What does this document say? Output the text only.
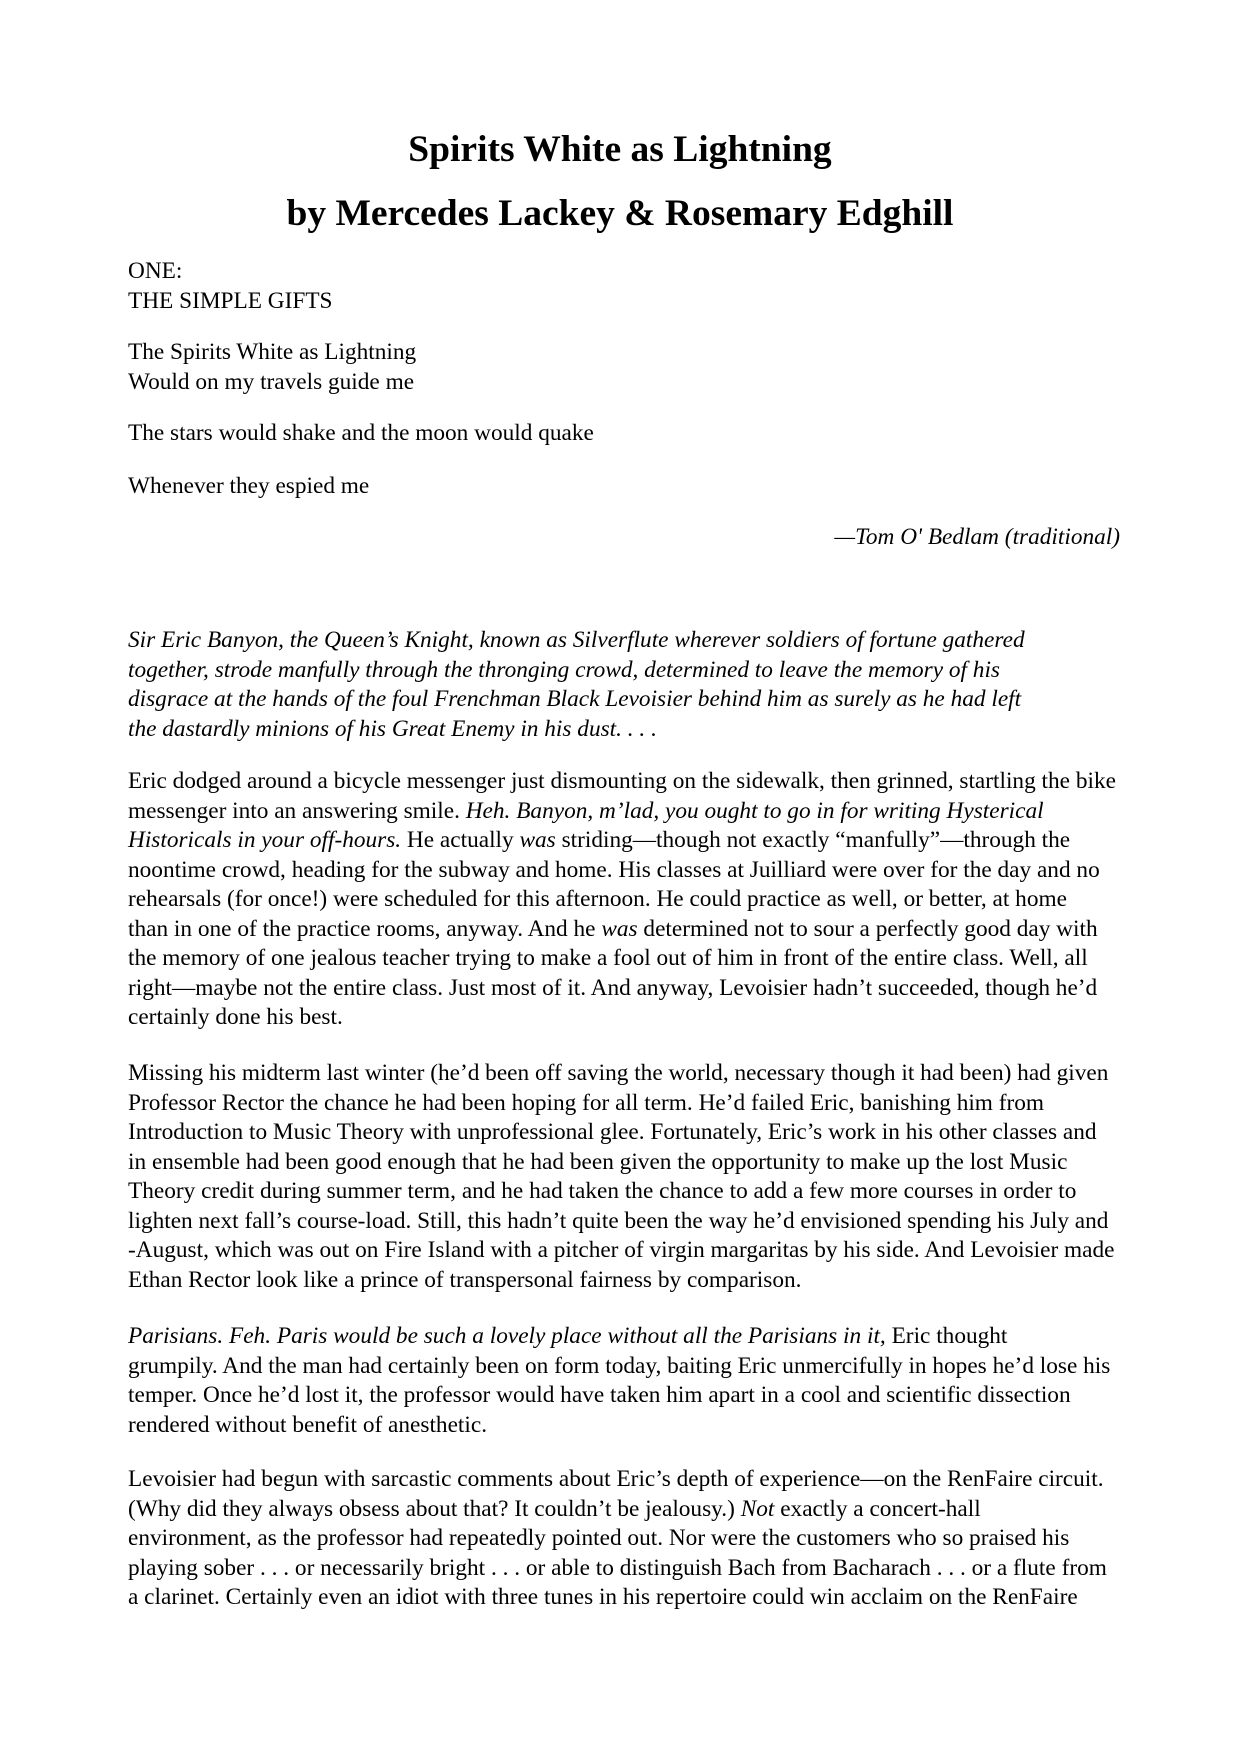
Spirits White as Lightning
by Mercedes Lackey & Rosemary Edghill
ONE:
THE SIMPLE GIFTS
The Spirits White as Lightning
Would on my travels guide me
The stars would shake and the moon would quake
Whenever they espied me
—Tom O' Bedlam (traditional)
Sir Eric Banyon, the Queen’s Knight, known as Silverflute wherever soldiers of fortune gathered
together, strode manfully through the thronging crowd, determined to leave the memory of his
disgrace at the hands of the foul Frenchman Black Levoisier behind him as surely as he had left
the dastardly minions of his Great Enemy in his dust. . . .
Eric dodged around a bicycle messenger just dismounting on the sidewalk, then grinned, startling the bike
messenger into an answering smile. Heh. Banyon, m’lad, you ought to go in for writing Hysterical
Historicals in your off-hours. He actually was striding—though not exactly “manfully”—through the
noontime crowd, heading for the subway and home. His classes at Juilliard were over for the day and no
rehearsals (for once!) were scheduled for this afternoon. He could practice as well, or better, at home
than in one of the practice rooms, anyway. And he was determined not to sour a perfectly good day with
the memory of one jealous teacher trying to make a fool out of him in front of the entire class. Well, all
right—maybe not the entire class. Just most of it. And anyway, Levoisier hadn’t succeeded, though he’d
certainly done his best.
Missing his midterm last winter (he’d been off saving the world, necessary though it had been) had given
Professor Rector the chance he had been hoping for all term. He’d failed Eric, banishing him from
Introduction to Music Theory with unprofessional glee. Fortunately, Eric’s work in his other classes and
in ensemble had been good enough that he had been given the opportunity to make up the lost Music
Theory credit during summer term, and he had taken the chance to add a few more courses in order to
lighten next fall’s course-load. Still, this hadn’t quite been the way he’d envisioned spending his July and
-August, which was out on Fire Island with a pitcher of virgin margaritas by his side. And Levoisier made
Ethan Rector look like a prince of transpersonal fairness by comparison.
Parisians. Feh. Paris would be such a lovely place without all the Parisians in it, Eric thought
grumpily. And the man had certainly been on form today, baiting Eric unmercifully in hopes he’d lose his
temper. Once he’d lost it, the professor would have taken him apart in a cool and scientific dissection
rendered without benefit of anesthetic.
Levoisier had begun with sarcastic comments about Eric’s depth of experience—on the RenFaire circuit.
(Why did they always obsess about that? It couldn’t be jealousy.) Not exactly a concert-hall
environment, as the professor had repeatedly pointed out. Nor were the customers who so praised his
playing sober . . . or necessarily bright . . . or able to distinguish Bach from Bacharach . . . or a flute from
a clarinet. Certainly even an idiot with three tunes in his repertoire could win acclaim on the RenFaire
